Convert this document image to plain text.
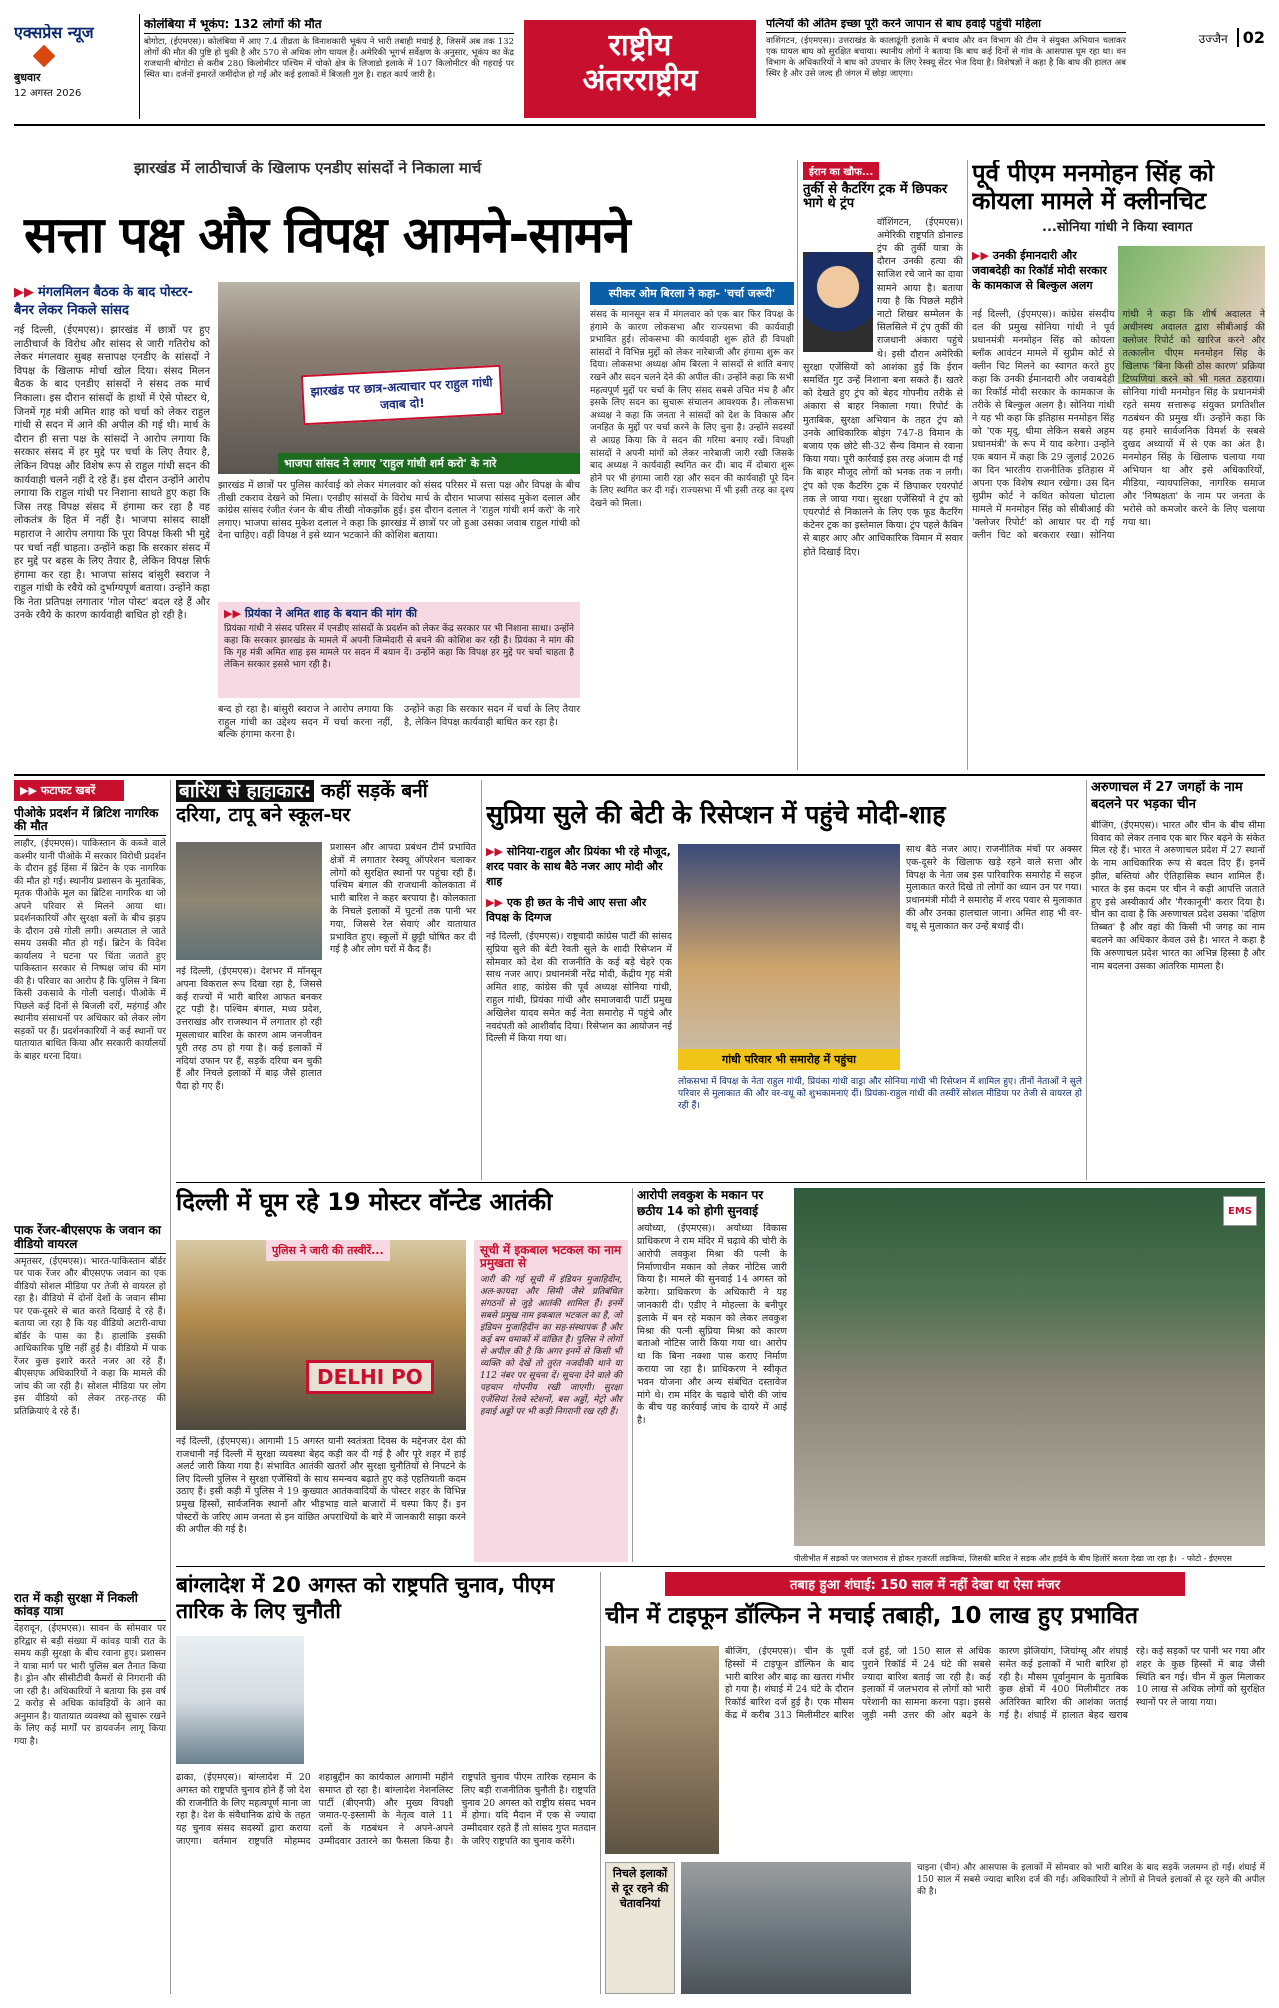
एक्सप्रेस न्यूज
बुधवार
12 अगस्त 2026
कोलंबिया में भूकंप: 132 लोगों की मौत
बोगोटा, (ईएमएस)। कोलंबिया में आए 7.4 तीव्रता के विनाशकारी भूकंप ने भारी तबाही मचाई है, जिसमें अब तक 132 लोगों की मौत की पुष्टि हो चुकी है और 570 से अधिक लोग घायल हैं। अमेरिकी भूगर्भ सर्वेक्षण के अनुसार, भूकंप का केंद्र राजधानी बोगोटा से करीब 280 किलोमीटर पश्चिम में चोको क्षेत्र के लिजाडो इलाके में 107 किलोमीटर की गहराई पर स्थित था। दर्जनों इमारतें जमींदोज हो गईं और कई इलाकों में बिजली गुल है। राहत कार्य जारी है।
राष्ट्रीय
अंतरराष्ट्रीय
पत्नियों की अंतिम इच्छा पूरी करने जापान से बाघ हवाई पहुंची महिला
वाशिंगटन, (ईएमएस)। उत्तराखंड के कालाढूंगी इलाके में बचाव और वन विभाग की टीम ने संयुक्त अभियान चलाकर एक घायल बाघ को सुरक्षित बचाया। स्थानीय लोगों ने बताया कि बाघ कई दिनों से गांव के आसपास घूम रहा था। वन विभाग के अधिकारियों ने बाघ को उपचार के लिए रेस्क्यू सेंटर भेज दिया है। विशेषज्ञों ने कहा है कि बाघ की हालत अब स्थिर है और उसे जल्द ही जंगल में छोड़ा जाएगा।
उज्जैन 02
झारखंड में लाठीचार्ज के खिलाफ एनडीए सांसदों ने निकाला मार्च
सत्ता पक्ष और विपक्ष आमने-सामने
▶▶ मंगलमिलन बैठक के बाद पोस्टर-बैनर लेकर निकले सांसद
नई दिल्ली, (ईएमएस)। झारखंड में छात्रों पर हुए लाठीचार्ज के विरोध और सांसद से जारी गतिरोध को लेकर मंगलवार सुबह सत्तापक्ष एनडीए के सांसदों ने विपक्ष के खिलाफ मोर्चा खोल दिया। संसद मिलन बैठक के बाद एनडीए सांसदों ने संसद तक मार्च निकाला। इस दौरान सांसदों के हाथों में ऐसे पोस्टर थे, जिनमें गृह मंत्री अमित शाह को चर्चा को लेकर राहुल गांधी से सदन में आने की अपील की गई थी। मार्च के दौरान ही सत्ता पक्ष के सांसदों ने आरोप लगाया कि सरकार संसद में हर मुद्दे पर चर्चा के लिए तैयार है, लेकिन विपक्ष और विशेष रूप से राहुल गांधी सदन की कार्यवाही चलने नहीं दे रहे हैं। इस दौरान उन्होंने आरोप लगाया कि राहुल गांधी पर निशाना साधते हुए कहा कि जिस तरह विपक्ष संसद में हंगामा कर रहा है वह लोकतंत्र के हित में नहीं है। भाजपा सांसद साक्षी महाराज ने आरोप लगाया कि पूरा विपक्ष किसी भी मुद्दे पर चर्चा नहीं चाहता। उन्होंने कहा कि सरकार संसद में हर मुद्दे पर बहस के लिए तैयार है, लेकिन विपक्ष सिर्फ हंगामा कर रहा है। भाजपा सांसद बांसुरी स्वराज ने राहुल गांधी के रवैये को दुर्भाग्यपूर्ण बताया। उन्होंने कहा कि नेता प्रतिपक्ष लगातार 'गोल पोस्ट' बदल रहे हैं और उनके रवैये के कारण कार्यवाही बाधित हो रही है।
झारखंड पर छात्र-अत्याचार पर राहुल गांधी जवाब दो!
भाजपा सांसद ने लगाए 'राहुल गांधी शर्म करो' के नारे
झारखंड में छात्रों पर पुलिस कार्रवाई को लेकर मंगलवार को संसद परिसर में सत्ता पक्ष और विपक्ष के बीच तीखी टकराव देखने को मिला। एनडीए सांसदों के विरोध मार्च के दौरान भाजपा सांसद मुकेश दलाल और कांग्रेस सांसद रंजीत रंजन के बीच तीखी नोकझोंक हुई। इस दौरान दलाल ने 'राहुल गांधी शर्म करो' के नारे लगाए। भाजपा सांसद मुकेश दलाल ने कहा कि झारखंड में छात्रों पर जो हुआ उसका जवाब राहुल गांधी को देना चाहिए। वहीं विपक्ष ने इसे ध्यान भटकाने की कोशिश बताया।
▶▶ प्रियंका ने अमित शाह के बयान की मांग की
प्रियंका गांधी ने संसद परिसर में एनडीए सांसदों के प्रदर्शन को लेकर केंद्र सरकार पर भी निशाना साधा। उन्होंने कहा कि सरकार झारखंड के मामले में अपनी जिम्मेदारी से बचने की कोशिश कर रही है। प्रियंका ने मांग की कि गृह मंत्री अमित शाह इस मामले पर सदन में बयान दें। उन्होंने कहा कि विपक्ष हर मुद्दे पर चर्चा चाहता है लेकिन सरकार इससे भाग रही है।
बन्द हो रहा है। बांसुरी स्वराज ने आरोप लगाया कि राहुल गांधी का उद्देश्य सदन में चर्चा करना नहीं, बल्कि हंगामा करना है।
उन्होंने कहा कि सरकार सदन में चर्चा के लिए तैयार है, लेकिन विपक्ष कार्यवाही बाधित कर रहा है।
स्पीकर ओम बिरला ने कहा- 'चर्चा जरूरी'
संसद के मानसून सत्र में मंगलवार को एक बार फिर विपक्ष के हंगामे के कारण लोकसभा और राज्यसभा की कार्यवाही प्रभावित हुई। लोकसभा की कार्यवाही शुरू होते ही विपक्षी सांसदों ने विभिन्न मुद्दों को लेकर नारेबाजी और हंगामा शुरू कर दिया। लोकसभा अध्यक्ष ओम बिरला ने सांसदों से शांति बनाए रखने और सदन चलने देने की अपील की। उन्होंने कहा कि सभी महत्वपूर्ण मुद्दों पर चर्चा के लिए संसद सबसे उचित मंच है और इसके लिए सदन का सुचारू संचालन आवश्यक है। लोकसभा अध्यक्ष ने कहा कि जनता ने सांसदों को देश के विकास और जनहित के मुद्दों पर चर्चा करने के लिए चुना है। उन्होंने सदस्यों से आग्रह किया कि वे सदन की गरिमा बनाए रखें। विपक्षी सांसदों ने अपनी मांगों को लेकर नारेबाजी जारी रखी जिसके बाद अध्यक्ष ने कार्यवाही स्थगित कर दी। बाद में दोबारा शुरू होने पर भी हंगामा जारी रहा और सदन की कार्यवाही पूरे दिन के लिए स्थगित कर दी गई। राज्यसभा में भी इसी तरह का दृश्य देखने को मिला।
ईरान का खौफ...
तुर्की से कैटरिंग ट्रक में छिपकर भागे थे ट्रंप
वॉशिंगटन, (ईएमएस)। अमेरिकी राष्ट्रपति डोनाल्ड ट्रंप की तुर्की यात्रा के दौरान उनकी हत्या की साजिश रचे जाने का दावा सामने आया है। बताया गया है कि पिछले महीने नाटो शिखर सम्मेलन के सिलसिले में ट्रंप तुर्की की राजधानी अंकारा पहुंचे थे। इसी दौरान अमेरिकी सुरक्षा एजेंसियों को आशंका हुई कि ईरान समर्थित गुट उन्हें निशाना बना सकते हैं। खतरे को देखते हुए ट्रंप को बेहद गोपनीय तरीके से अंकारा से बाहर निकाला गया। रिपोर्ट के मुताबिक, सुरक्षा अभियान के तहत ट्रंप को उनके आधिकारिक बोइंग 747-8 विमान के बजाय एक छोटे सी-32 सैन्य विमान से रवाना किया गया। पूरी कार्रवाई इस तरह अंजाम दी गई कि बाहर मौजूद लोगों को भनक तक न लगी। ट्रंप को एक कैटरिंग ट्रक में छिपाकर एयरपोर्ट तक ले जाया गया। सुरक्षा एजेंसियों ने ट्रंप को एयरपोर्ट से निकालने के लिए एक फूड कैटरिंग कंटेनर ट्रक का इस्तेमाल किया। ट्रंप पहले कैबिन से बाहर आए और आधिकारिक विमान में सवार होते दिखाई दिए।
पूर्व पीएम मनमोहन सिंह को कोयला मामले में क्लीनचिट
...सोनिया गांधी ने किया स्वागत
▶▶ उनकी ईमानदारी और जवाबदेही का रिकॉर्ड मोदी सरकार के कामकाज से बिल्कुल अलग
नई दिल्ली, (ईएमएस)। कांग्रेस संसदीय दल की प्रमुख सोनिया गांधी ने पूर्व प्रधानमंत्री मनमोहन सिंह को कोयला ब्लॉक आवंटन मामले में सुप्रीम कोर्ट से क्लीन चिट मिलने का स्वागत करते हुए कहा कि उनकी ईमानदारी और जवाबदेही का रिकॉर्ड मोदी सरकार के कामकाज के तरीके से बिल्कुल अलग है। सोनिया गांधी ने यह भी कहा कि इतिहास मनमोहन सिंह को 'एक मृदु, धीमा लेकिन सबसे अहम प्रधानमंत्री' के रूप में याद करेगा। उन्होंने एक बयान में कहा कि 29 जुलाई 2026 का दिन भारतीय राजनीतिक इतिहास में अपना एक विशेष स्थान रखेगा। उस दिन सुप्रीम कोर्ट ने कथित कोयला घोटाला मामले में मनमोहन सिंह को सीबीआई की 'क्लोजर रिपोर्ट' को आधार पर दी गई क्लीन चिट को बरकरार रखा। सोनिया गांधी ने कहा कि शीर्ष अदालत ने अधीनस्थ अदालत द्वारा सीबीआई की क्लोजर रिपोर्ट को खारिज करने और तत्कालीन पीएम मनमोहन सिंह के खिलाफ 'बिना किसी ठोस कारण' प्रक्रिया टिप्पणियां करने को भी गलत ठहराया। सोनिया गांधी मनमोहन सिंह के प्रधानमंत्री रहते समय सत्तारूढ़ संयुक्त प्रगतिशील गठबंधन की प्रमुख थीं। उन्होंने कहा कि यह हमारे सार्वजनिक विमर्श के सबसे दुखद अध्यायों में से एक का अंत है। मनमोहन सिंह के खिलाफ चलाया गया अभियान था और इसे अधिकारियों, मीडिया, न्यायपालिका, नागरिक समाज और 'निष्पक्षता' के नाम पर जनता के भरोसे को कमजोर करने के लिए चलाया गया था।
▶▶ फटाफट खबरें
पीओके प्रदर्शन में ब्रिटिश नागरिक की मौत
लाहौर, (ईएमएस)। पाकिस्तान के कब्जे वाले कश्मीर यानी पीओके में सरकार विरोधी प्रदर्शन के दौरान हुई हिंसा में ब्रिटेन के एक नागरिक की मौत हो गई। स्थानीय प्रशासन के मुताबिक, मृतक पीओके मूल का ब्रिटिश नागरिक था जो अपने परिवार से मिलने आया था। प्रदर्शनकारियों और सुरक्षा बलों के बीच झड़प के दौरान उसे गोली लगी। अस्पताल ले जाते समय उसकी मौत हो गई। ब्रिटेन के विदेश कार्यालय ने घटना पर चिंता जताते हुए पाकिस्तान सरकार से निष्पक्ष जांच की मांग की है। परिवार का आरोप है कि पुलिस ने बिना किसी उकसावे के गोली चलाई। पीओके में पिछले कई दिनों से बिजली दरों, महंगाई और स्थानीय संसाधनों पर अधिकार को लेकर लोग सड़कों पर हैं। प्रदर्शनकारियों ने कई स्थानों पर यातायात बाधित किया और सरकारी कार्यालयों के बाहर धरना दिया।
पाक रेंजर-बीएसएफ के जवान का वीडियो वायरल
अमृतसर, (ईएमएस)। भारत-पाकिस्तान बॉर्डर पर पाक रेंजर और बीएसएफ जवान का एक वीडियो सोशल मीडिया पर तेजी से वायरल हो रहा है। वीडियो में दोनों देशों के जवान सीमा पर एक-दूसरे से बात करते दिखाई दे रहे हैं। बताया जा रहा है कि यह वीडियो अटारी-वाघा बॉर्डर के पास का है। हालांकि इसकी आधिकारिक पुष्टि नहीं हुई है। वीडियो में पाक रेंजर कुछ इशारे करते नजर आ रहे हैं। बीएसएफ अधिकारियों ने कहा कि मामले की जांच की जा रही है। सोशल मीडिया पर लोग इस वीडियो को लेकर तरह-तरह की प्रतिक्रियाएं दे रहे हैं।
रात में कड़ी सुरक्षा में निकली कांवड़ यात्रा
देहरादून, (ईएमएस)। सावन के सोमवार पर हरिद्वार से बड़ी संख्या में कांवड़ यात्री रात के समय कड़ी सुरक्षा के बीच रवाना हुए। प्रशासन ने यात्रा मार्ग पर भारी पुलिस बल तैनात किया है। ड्रोन और सीसीटीवी कैमरों से निगरानी की जा रही है। अधिकारियों ने बताया कि इस वर्ष 2 करोड़ से अधिक कांवड़ियों के आने का अनुमान है। यातायात व्यवस्था को सुचारू रखने के लिए कई मार्गों पर डायवर्जन लागू किया गया है।
बारिश से हाहाकार: कहीं सड़कें बनीं दरिया, टापू बने स्कूल-घर
नई दिल्ली, (ईएमएस)। देशभर में मॉनसून अपना विकराल रूप दिखा रहा है, जिससे कई राज्यों में भारी बारिश आफत बनकर टूट पड़ी है। पश्चिम बंगाल, मध्य प्रदेश, उत्तराखंड और राजस्थान में लगातार हो रही मूसलाधार बारिश के कारण आम जनजीवन पूरी तरह ठप हो गया है। कई इलाकों में नदियां उफान पर हैं, सड़कें दरिया बन चुकी हैं और निचले इलाकों में बाढ़ जैसे हालात पैदा हो गए हैं।
प्रशासन और आपदा प्रबंधन टीमें प्रभावित क्षेत्रों में लगातार रेस्क्यू ऑपरेशन चलाकर लोगों को सुरक्षित स्थानों पर पहुंचा रही हैं। पश्चिम बंगाल की राजधानी कोलकाता में भारी बारिश ने कहर बरपाया है। कोलकाता के निचले इलाकों में घुटनों तक पानी भर गया, जिससे रेल सेवाएं और यातायात प्रभावित हुए। स्कूलों में छुट्टी घोषित कर दी गई है और लोग घरों में कैद हैं।
सुप्रिया सुले की बेटी के रिसेप्शन में पहुंचे मोदी-शाह
▶▶ सोनिया-राहुल और प्रियंका भी रहे मौजूद, शरद पवार के साथ बैठे नजर आए मोदी और शाह
▶▶ एक ही छत के नीचे आए सत्ता और विपक्ष के दिग्गज
नई दिल्ली, (ईएमएस)। राष्ट्रवादी कांग्रेस पार्टी की सांसद सुप्रिया सुले की बेटी रेवती सुले के शादी रिसेप्शन में सोमवार को देश की राजनीति के कई बड़े चेहरे एक साथ नजर आए। प्रधानमंत्री नरेंद्र मोदी, केंद्रीय गृह मंत्री अमित शाह, कांग्रेस की पूर्व अध्यक्ष सोनिया गांधी, राहुल गांधी, प्रियंका गांधी और समाजवादी पार्टी प्रमुख अखिलेश यादव समेत कई नेता समारोह में पहुंचे और नवदंपती को आशीर्वाद दिया। रिसेप्शन का आयोजन नई दिल्ली में किया गया था।
गांधी परिवार भी समारोह में पहुंचा
साथ बैठे नजर आए। राजनीतिक मंचों पर अक्सर एक-दूसरे के खिलाफ खड़े रहने वाले सत्ता और विपक्ष के नेता जब इस पारिवारिक समारोह में सहज मुलाकात करते दिखे तो लोगों का ध्यान उन पर गया। प्रधानमंत्री मोदी ने समारोह में शरद पवार से मुलाकात की और उनका हालचाल जाना। अमित शाह भी वर-वधू से मुलाकात कर उन्हें बधाई दी।
लोकसभा में विपक्ष के नेता राहुल गांधी, प्रियंका गांधी वाड्रा और सोनिया गांधी भी रिसेप्शन में शामिल हुए। तीनों नेताओं ने सुले परिवार से मुलाकात की और वर-वधू को शुभकामनाएं दीं। प्रियंका-राहुल गांधी की तस्वीरें सोशल मीडिया पर तेजी से वायरल हो रही हैं।
अरुणाचल में 27 जगहों के नाम बदलने पर भड़का चीन
बीजिंग, (ईएमएस)। भारत और चीन के बीच सीमा विवाद को लेकर तनाव एक बार फिर बढ़ने के संकेत मिल रहे हैं। भारत ने अरुणाचल प्रदेश में 27 स्थानों के नाम आधिकारिक रूप से बदल दिए हैं। इनमें झील, बस्तियां और ऐतिहासिक स्थान शामिल हैं। भारत के इस कदम पर चीन ने कड़ी आपत्ति जताते हुए इसे अस्वीकार्य और 'गैरकानूनी' करार दिया है। चीन का दावा है कि अरुणाचल प्रदेश उसका 'दक्षिण तिब्बत' है और वहां की किसी भी जगह का नाम बदलने का अधिकार केवल उसे है। भारत ने कहा है कि अरुणाचल प्रदेश भारत का अभिन्न हिस्सा है और नाम बदलना उसका आंतरिक मामला है।
दिल्ली में घूम रहे 19 मोस्टर वॉन्टेड आतंकी
पुलिस ने जारी की तस्वीरें...
DELHI PO
सूची में इकबाल भटकल का नाम प्रमुखता से
जारी की गई सूची में इंडियन मुजाहिदीन, अल-कायदा और सिमी जैसे प्रतिबंधित संगठनों से जुड़े आतंकी शामिल हैं। इनमें सबसे प्रमुख नाम इकबाल भटकल का है, जो इंडियन मुजाहिदीन का सह-संस्थापक है और कई बम धमाकों में वांछित है। पुलिस ने लोगों से अपील की है कि अगर इनमें से किसी भी व्यक्ति को देखें तो तुरंत नजदीकी थाने या 112 नंबर पर सूचना दें। सूचना देने वाले की पहचान गोपनीय रखी जाएगी। सुरक्षा एजेंसियां रेलवे स्टेशनों, बस अड्डों, मेट्रो और हवाई अड्डों पर भी कड़ी निगरानी रख रही हैं।
नई दिल्ली, (ईएमएस)। आगामी 15 अगस्त यानी स्वतंत्रता दिवस के मद्देनजर देश की राजधानी नई दिल्ली में सुरक्षा व्यवस्था बेहद कड़ी कर दी गई है और पूरे शहर में हाई अलर्ट जारी किया गया है। संभावित आतंकी खतरों और सुरक्षा चुनौतियों से निपटने के लिए दिल्ली पुलिस ने सुरक्षा एजेंसियों के साथ समन्वय बढ़ाते हुए कड़े एहतियाती कदम उठाए हैं। इसी कड़ी में पुलिस ने 19 कुख्यात आतंकवादियों के पोस्टर शहर के विभिन्न प्रमुख हिस्सों, सार्वजनिक स्थानों और भीड़भाड़ वाले बाजारों में चस्पा किए हैं। इन पोस्टरों के जरिए आम जनता से इन वांछित अपराधियों के बारे में जानकारी साझा करने की अपील की गई है।
आरोपी लवकुश के मकान पर छठीय 14 को होगी सुनवाई
अयोध्या, (ईएमएस)। अयोध्या विकास प्राधिकरण ने राम मंदिर में चढ़ावे की चोरी के आरोपी लवकुश मिश्रा की पत्नी के निर्माणाधीन मकान को लेकर नोटिस जारी किया है। मामले की सुनवाई 14 अगस्त को करेगा। प्राधिकरण के अधिकारी ने यह जानकारी दी। एडीए ने मोहल्ला के बनीपुर इलाके में बन रहे मकान को लेकर लवकुश मिश्रा की पत्नी सुप्रिया मिश्रा को कारण बताओ नोटिस जारी किया गया था। आरोप था कि बिना नक्शा पास कराए निर्माण कराया जा रहा है। प्राधिकरण ने स्वीकृत भवन योजना और अन्य संबंधित दस्तावेज मांगे थे। राम मंदिर के चढ़ावे चोरी की जांच के बीच यह कार्रवाई जांच के दायरे में आई है।
EMS
पीलीभीत में सड़कों पर जलभराव से होकर गुजरतीं लड़कियां, जिसकी बारिश ने सड़क और हाईवे के बीच हिलोरें करता देखा जा रहा है। - फोटो - ईएमएस
बांग्लादेश में 20 अगस्त को राष्ट्रपति चुनाव, पीएम तारिक के लिए चुनौती
ढाका, (ईएमएस)। बांग्लादेश में 20 अगस्त को राष्ट्रपति चुनाव होने हैं जो देश की राजनीति के लिए महत्वपूर्ण माना जा रहा है। देश के संवैधानिक ढांचे के तहत यह चुनाव संसद सदस्यों द्वारा कराया जाएगा। वर्तमान राष्ट्रपति मोहम्मद शहाबुद्दीन का कार्यकाल आगामी महीने समाप्त हो रहा है। बांग्लादेश नेशनलिस्ट पार्टी (बीएनपी) और मुख्य विपक्षी जमात-ए-इस्लामी के नेतृत्व वाले 11 दलों के गठबंधन ने अपने-अपने उम्मीदवार उतारने का फैसला किया है। राष्ट्रपति चुनाव पीएम तारिक रहमान के लिए बड़ी राजनीतिक चुनौती है। राष्ट्रपति चुनाव 20 अगस्त को राष्ट्रीय संसद भवन में होगा। यदि मैदान में एक से ज्यादा उम्मीदवार रहते हैं तो सांसद गुप्त मतदान के जरिए राष्ट्रपति का चुनाव करेंगे।
तबाह हुआ शंघाई: 150 साल में नहीं देखा था ऐसा मंजर
चीन में टाइफून डॉल्फिन ने मचाई तबाही, 10 लाख हुए प्रभावित
बीजिंग, (ईएमएस)। चीन के पूर्वी हिस्सों में टाइफून डॉल्फिन के बाद भारी बारिश और बाढ़ का खतरा गंभीर हो गया है। शंघाई में 24 घंटे के दौरान रिकॉर्ड बारिश दर्ज हुई है। एक मौसम केंद्र में करीब 313 मिलीमीटर बारिश दर्ज हुई, जो 150 साल से अधिक पुराने रिकॉर्ड में 24 घंटे की सबसे ज्यादा बारिश बताई जा रही है। कई इलाकों में जलभराव से लोगों को भारी परेशानी का सामना करना पड़ा। इससे जुड़ी नमी उत्तर की ओर बढ़ने के कारण झेजियांग, जियांग्सू और शंघाई समेत कई इलाकों में भारी बारिश हो रही है। मौसम पूर्वानुमान के मुताबिक कुछ क्षेत्रों में 400 मिलीमीटर तक अतिरिक्त बारिश की आशंका जताई गई है। शंघाई में हालात बेहद खराब रहे। कई सड़कों पर पानी भर गया और शहर के कुछ हिस्सों में बाढ़ जैसी स्थिति बन गई। चीन में कुल मिलाकर 10 लाख से अधिक लोगों को सुरक्षित स्थानों पर ले जाया गया।
निचले इलाकों से दूर रहने की चेतावनियां
चाइना (चीन) और आसपास के इलाकों में सोमवार को भारी बारिश के बाद सड़कें जलमग्न हो गईं। शंघाई में 150 साल में सबसे ज्यादा बारिश दर्ज की गई। अधिकारियों ने लोगों से निचले इलाकों से दूर रहने की अपील की है।
